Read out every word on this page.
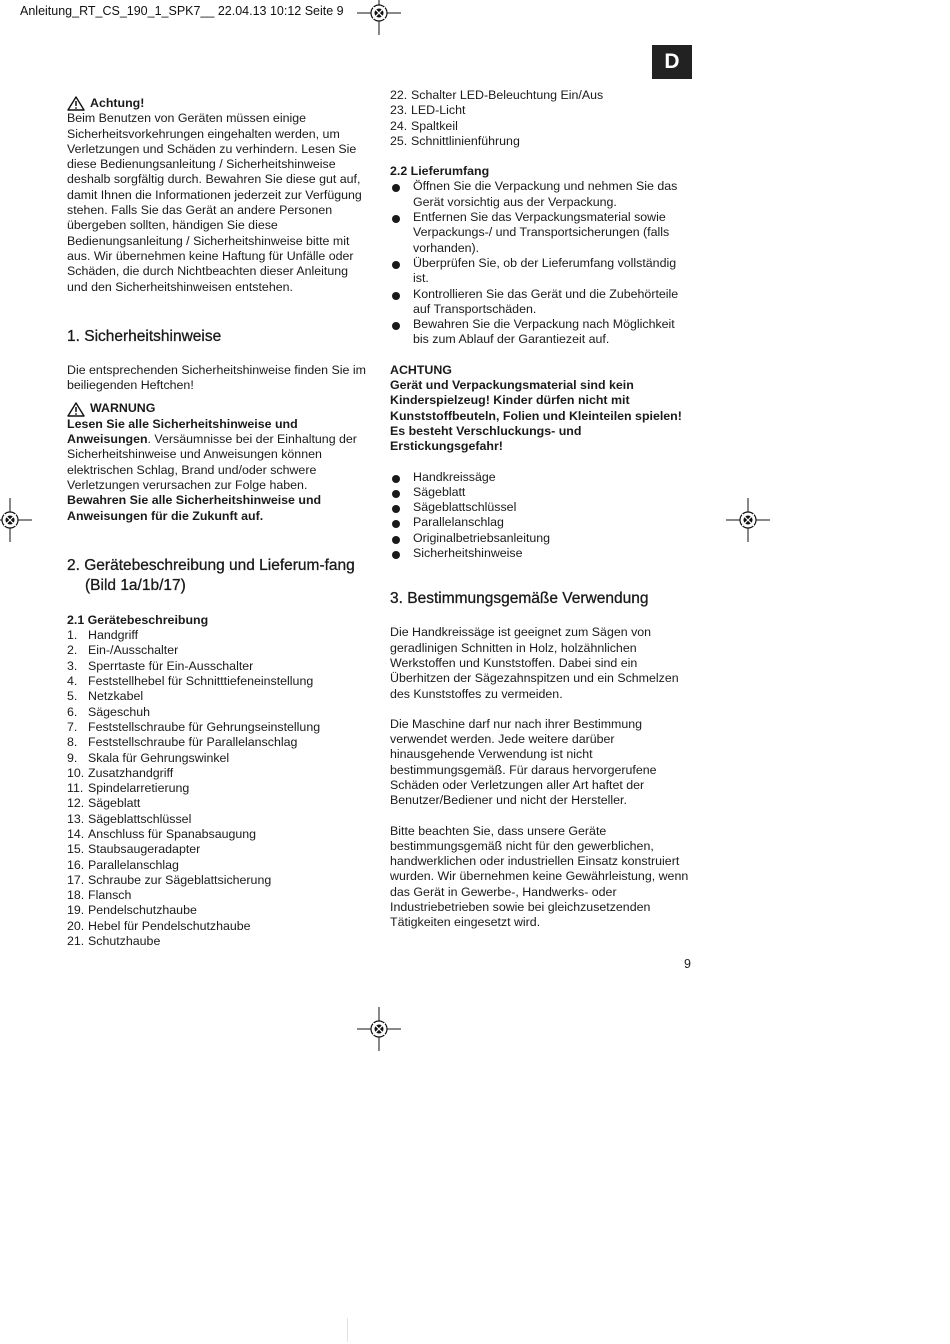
Anleitung_RT_CS_190_1_SPK7__ 22.04.13 10:12 Seite 9
D
Achtung!

Beim Benutzen von Geräten müssen einige Sicherheitsvorkehrungen eingehalten werden, um Verletzungen und Schäden zu verhindern. Lesen Sie diese Bedienungsanleitung / Sicherheitshinweise deshalb sorgfältig durch. Bewahren Sie diese gut auf, damit Ihnen die Informationen jederzeit zur Verfügung stehen. Falls Sie das Gerät an andere Personen übergeben sollten, händigen Sie diese Bedienungsanleitung / Sicherheitshinweise bitte mit aus. Wir übernehmen keine Haftung für Unfälle oder Schäden, die durch Nichtbeachten dieser Anleitung und den Sicherheitshinweisen entstehen.

1. Sicherheitshinweise

Die entsprechenden Sicherheitshinweise finden Sie im beiliegenden Heftchen!

WARNUNG

Lesen Sie alle Sicherheitshinweise und Anweisungen. Versäumnisse bei der Einhaltung der Sicherheitshinweise und Anweisungen können elektrischen Schlag, Brand und/oder schwere Verletzungen verursachen zur Folge haben.

Bewahren Sie alle Sicherheitshinweise und Anweisungen für die Zukunft auf.

2. Gerätebeschreibung und Lieferum-fang (Bild 1a/1b/17)

2.1 Gerätebeschreibung

1. Handgriff
2. Ein-/Ausschalter
3. Sperrtaste für Ein-Ausschalter
4. Feststellhebel für Schnitttiefeneinstellung
5. Netzkabel
6. Sägeschuh
7. Feststellschraube für Gehrungseinstellung
8. Feststellschraube für Parallelanschlag
9. Skala für Gehrungswinkel
10. Zusatzhandgriff
11. Spindelarretierung
12. Sägeblatt
13. Sägeblattschlüssel
14. Anschluss für Spanabsaugung
15. Staubsaugeradapter
16. Parallelanschlag
17. Schraube zur Sägeblattsicherung
18. Flansch
19. Pendelschutzhaube
20. Hebel für Pendelschutzhaube
21. Schutzhaube
22. Schalter LED-Beleuchtung Ein/Aus
23. LED-Licht
24. Spaltkeil
25. Schnittlinienführung

2.2 Lieferumfang

Öffnen Sie die Verpackung und nehmen Sie das Gerät vorsichtig aus der Verpackung.
Entfernen Sie das Verpackungsmaterial sowie Verpackungs-/ und Transportsicherungen (falls vorhanden).
Überprüfen Sie, ob der Lieferumfang vollständig ist.
Kontrollieren Sie das Gerät und die Zubehörteile auf Transportschäden.
Bewahren Sie die Verpackung nach Möglichkeit bis zum Ablauf der Garantiezeit auf.

ACHTUNG

Gerät und Verpackungsmaterial sind kein Kinderspielzeug! Kinder dürfen nicht mit Kunststoffbeuteln, Folien und Kleinteilen spielen! Es besteht Verschluckungs- und Erstickungsgefahr!

Handkreissäge
Sägeblatt
Sägeblattschlüssel
Parallelanschlag
Originalbetriebsanleitung
Sicherheitshinweise
3. Bestimmungsgemäße Verwendung

Die Handkreissäge ist geeignet zum Sägen von geradlinigen Schnitten in Holz, holzähnlichen Werkstoffen und Kunststoffen. Dabei sind ein Überhitzen der Sägezahnspitzen und ein Schmelzen des Kunststoffes zu vermeiden.

Die Maschine darf nur nach ihrer Bestimmung verwendet werden. Jede weitere darüber hinausgehende Verwendung ist nicht bestimmungsgemäß. Für daraus hervorgerufene Schäden oder Verletzungen aller Art haftet der Benutzer/Bediener und nicht der Hersteller.

Bitte beachten Sie, dass unsere Geräte bestimmungsgemäß nicht für den gewerblichen, handwerklichen oder industriellen Einsatz konstruiert wurden. Wir übernehmen keine Gewährleistung, wenn das Gerät in Gewerbe-, Handwerks- oder Industriebetrieben sowie bei gleichzusetzenden Tätigkeiten eingesetzt wird.

9
